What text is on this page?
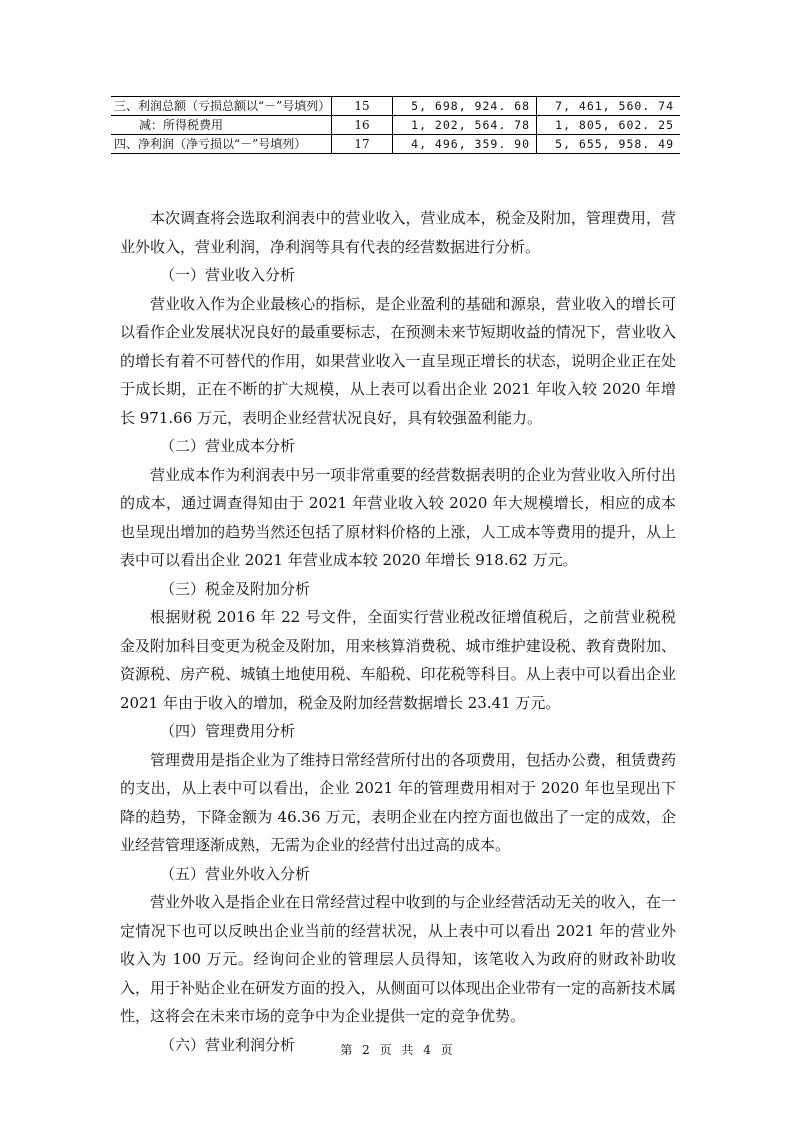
三、利润总额（亏损总额以“－”号填列）	15	5, 698, 924. 68	7, 461, 560. 74
减：所得税费用	16	1, 202, 564. 78	1, 805, 602. 25
四、净利润（净亏损以“－”号填列）	17	4, 496, 359. 90	5, 655, 958. 49

本次调查将会选取利润表中的营业收入，营业成本，税金及附加，管理费用，营业外收入，营业利润，净利润等具有代表的经营数据进行分析。

（一）营业收入分析

营业收入作为企业最核心的指标，是企业盈利的基础和源泉，营业收入的增长可以看作企业发展状况良好的最重要标志，在预测未来节短期收益的情况下，营业收入的增长有着不可替代的作用，如果营业收入一直呈现正增长的状态，说明企业正在处于成长期，正在不断的扩大规模，从上表可以看出企业 2021 年收入较 2020 年增长 971.66 万元，表明企业经营状况良好，具有较强盈利能力。

（二）营业成本分析

营业成本作为利润表中另一项非常重要的经营数据表明的企业为营业收入所付出的成本，通过调查得知由于 2021 年营业收入较 2020 年大规模增长，相应的成本也呈现出增加的趋势当然还包括了原材料价格的上涨，人工成本等费用的提升，从上表中可以看出企业 2021 年营业成本较 2020 年增长 918.62 万元。

（三）税金及附加分析

根据财税 2016 年 22 号文件，全面实行营业税改征增值税后，之前营业税税金及附加科目变更为税金及附加，用来核算消费税、城市维护建设税、教育费附加、资源税、房产税、城镇土地使用税、车船税、印花税等科目。从上表中可以看出企业 2021 年由于收入的增加，税金及附加经营数据增长 23.41 万元。

（四）管理费用分析

管理费用是指企业为了维持日常经营所付出的各项费用，包括办公费，租赁费药的支出，从上表中可以看出，企业 2021 年的管理费用相对于 2020 年也呈现出下降的趋势，下降金额为 46.36 万元，表明企业在内控方面也做出了一定的成效，企业经营管理逐渐成熟，无需为企业的经营付出过高的成本。

（五）营业外收入分析

营业外收入是指企业在日常经营过程中收到的与企业经营活动无关的收入，在一定情况下也可以反映出企业当前的经营状况，从上表中可以看出 2021 年的营业外收入为 100 万元。经询问企业的管理层人员得知，该笔收入为政府的财政补助收入，用于补贴企业在研发方面的投入，从侧面可以体现出企业带有一定的高新技术属性，这将会在未来市场的竞争中为企业提供一定的竞争优势。

（六）营业利润分析	第 2 页 共 4 页
